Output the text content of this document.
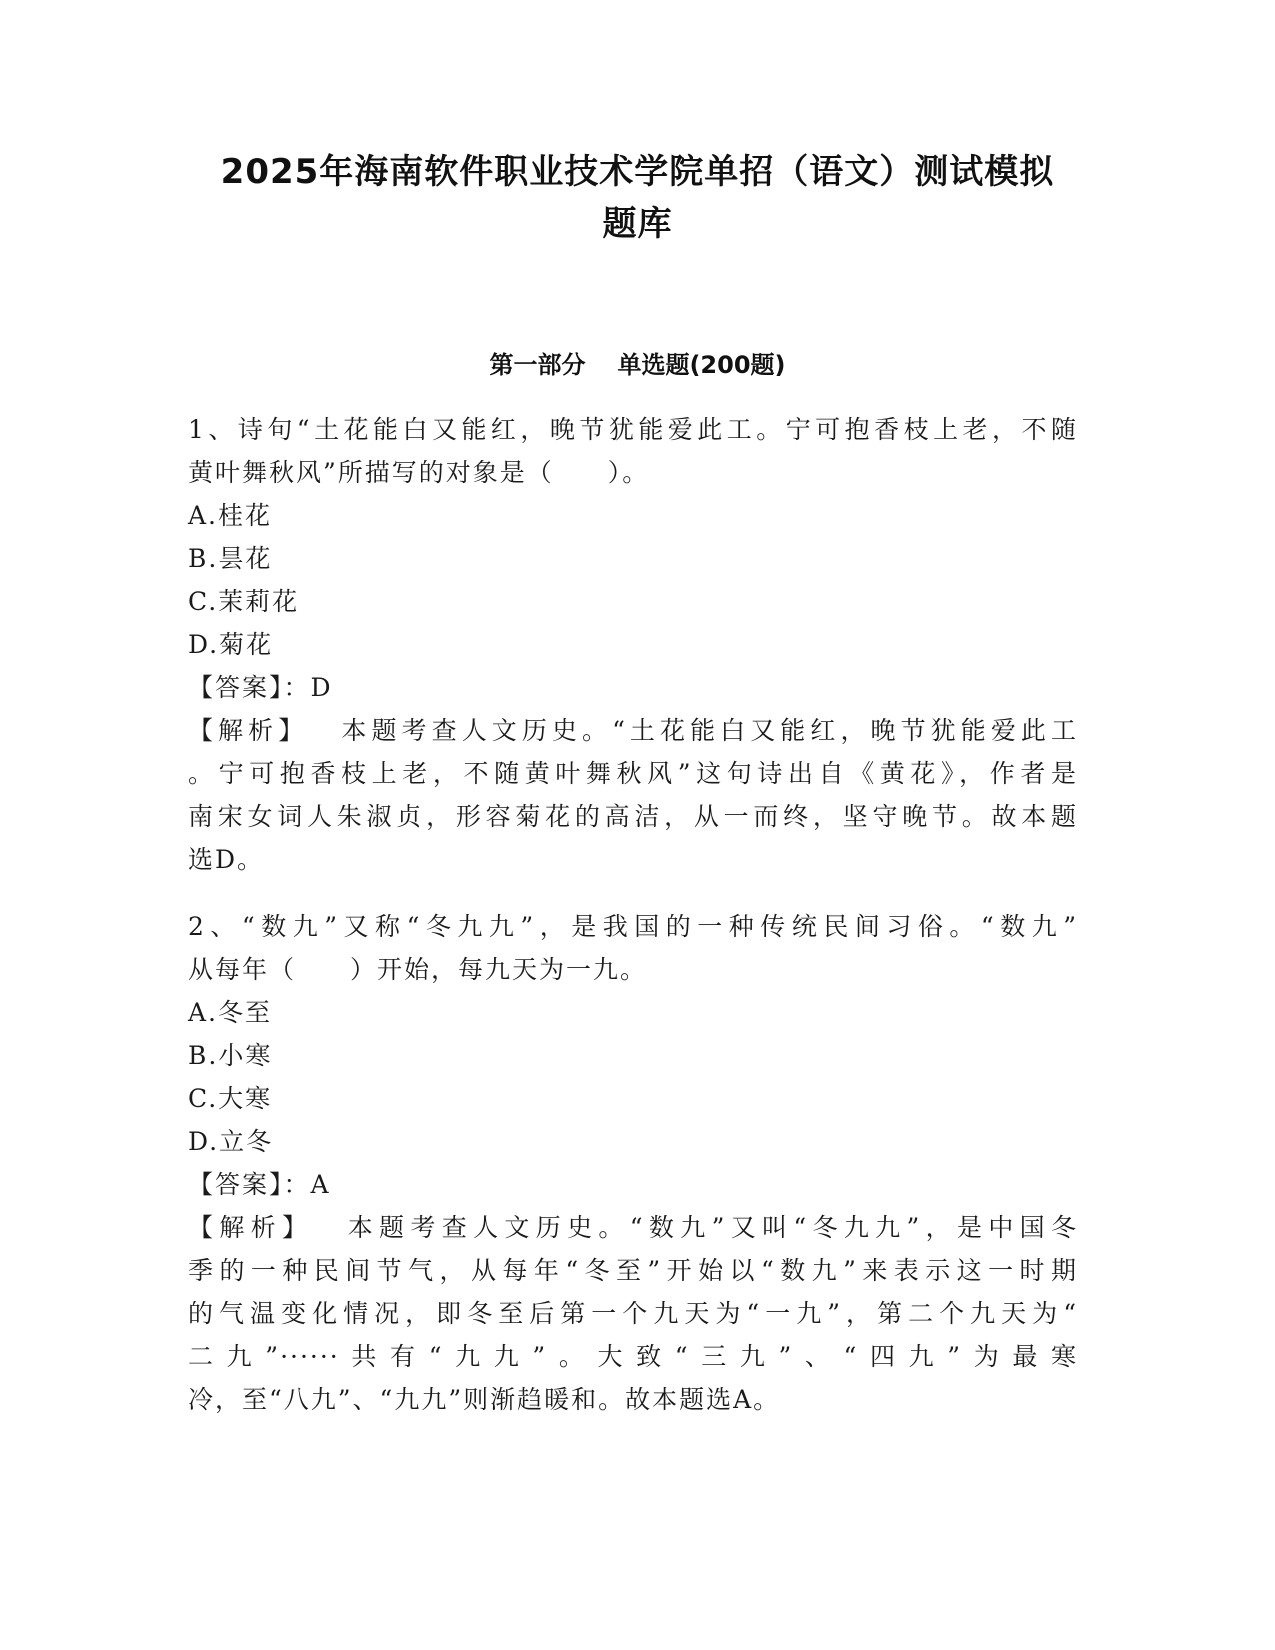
2025年海南软件职业技术学院单招（语文）测试模拟
题库
第一部分 单选题(200题)
1、诗句“土花能白又能红，晚节犹能爱此工。宁可抱香枝上老，不随
黄叶舞秋风”所描写的对象是（　　）。
A.桂花
B.昙花
C.茉莉花
D.菊花
【答案】：D
【解析】 本题考查人文历史。“土花能白又能红，晚节犹能爱此工
。宁可抱香枝上老，不随黄叶舞秋风”这句诗出自《黄花》，作者是
南宋女词人朱淑贞，形容菊花的高洁，从一而终，坚守晚节。故本题
选D。
2、“数九”又称“冬九九”，是我国的一种传统民间习俗。“数九”
从每年（　　）开始，每九天为一九。
A.冬至
B.小寒
C.大寒
D.立冬
【答案】：A
【解析】 本题考查人文历史。“数九”又叫“冬九九”，是中国冬
季的一种民间节气，从每年“冬至”开始以“数九”来表示这一时期
的气温变化情况，即冬至后第一个九天为“一九”，第二个九天为“
二九”······共有“九九”。大致“三九”、“四九”为最寒
冷，至“八九”、“九九”则渐趋暖和。故本题选A。
